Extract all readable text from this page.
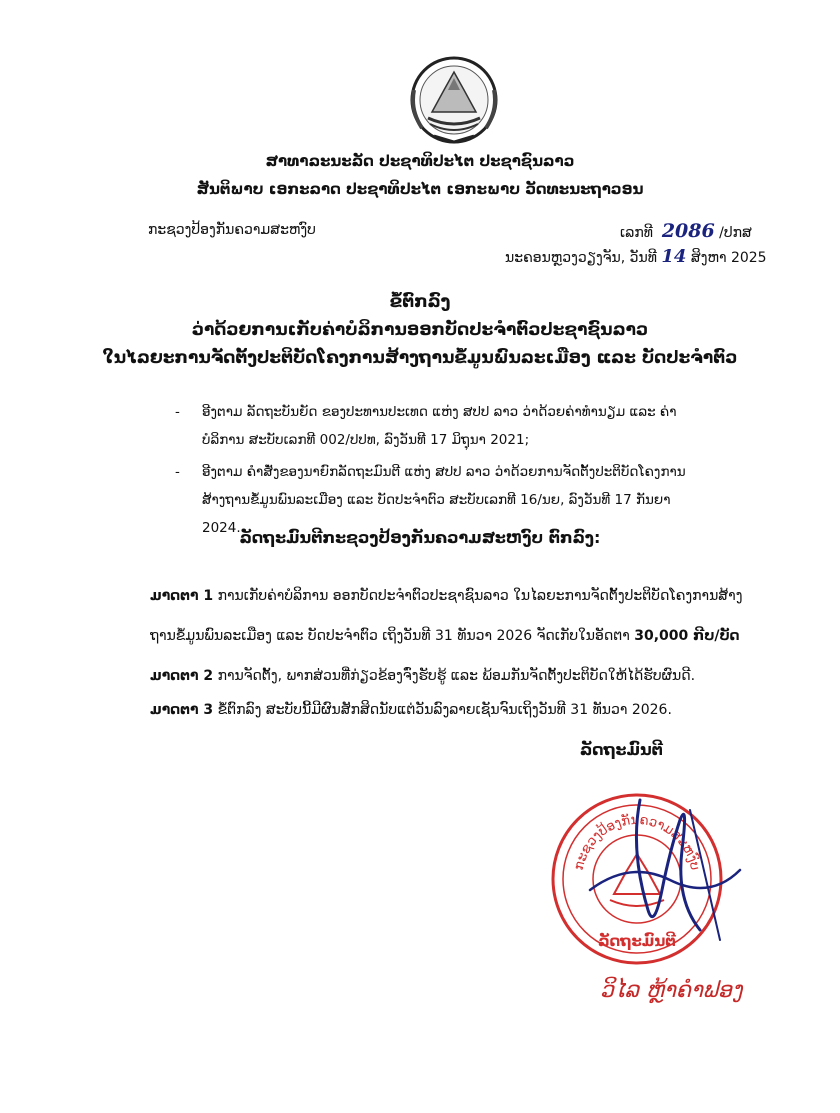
ສາທາລະນະລັດ ປະຊາທິປະໄຕ ປະຊາຊົນລາວ
ສັນຕິພາບ ເອກະລາດ ປະຊາທິປະໄຕ ເອກະພາບ ວັດທະນະຖາວອນ
ກະຊວງປ້ອງກັນຄວາມສະຫງົບ	ເລກທີ 2086 /ປກສ
ນະຄອນຫຼວງວຽງຈັນ, ວັນທີ 14 ສິງຫາ 2025
ຂໍ້ຕົກລົງ
ວ່າດ້ວຍການເກັບຄ່າບໍລິການອອກບັດປະຈຳຕົວປະຊາຊົນລາວ
ໃນໄລຍະການຈັດຕັ້ງປະຕິບັດໂຄງການສ້າງຖານຂໍ້ມູນພົນລະເມືອງ ແລະ ບັດປະຈຳຕົວ
-	ອີງຕາມ ລັດຖະບັນຍັດ ຂອງປະທານປະເທດ ແຫ່ງ ສປປ ລາວ ວ່າດ້ວຍຄ່າທຳນຽມ ແລະ ຄ່າບໍລິການ ສະບັບເລກທີ 002/ປປທ, ລົງວັນທີ 17 ມິຖຸນາ 2021;
-	ອີງຕາມ ຄຳສັ່ງຂອງນາຍົກລັດຖະມົນຕີ ແຫ່ງ ສປປ ລາວ ວ່າດ້ວຍການຈັດຕັ້ງປະຕິບັດໂຄງການສ້າງຖານຂໍ້ມູນພົນລະເມືອງ ແລະ ບັດປະຈຳຕົວ ສະບັບເລກທີ 16/ນຍ, ລົງວັນທີ 17 ກັນຍາ 2024.
ລັດຖະມົນຕີກະຊວງປ້ອງກັນຄວາມສະຫງົບ ຕົກລົງ:
ມາດຕາ 1 ການເກັບຄ່າບໍລິການ ອອກບັດປະຈຳຕົວປະຊາຊົນລາວ ໃນໄລຍະການຈັດຕັ້ງປະຕິບັດໂຄງການສ້າງຖານຂໍ້ມູນພົນລະເມືອງ ແລະ ບັດປະຈຳຕົວ ເຖິງວັນທີ 31 ທັນວາ 2026 ຈັດເກັບໃນອັດຕາ 30,000 ກີບ/ບັດ
ມາດຕາ 2 ການຈັດຕັ້ງ, ພາກສ່ວນທີ່ກ່ຽວຂ້ອງຈົ່ງຮັບຮູ້ ແລະ ພ້ອມກັນຈັດຕັ້ງປະຕິບັດໃຫ້ໄດ້ຮັບຜົນດີ.
ມາດຕາ 3 ຂໍ້ຕົກລົງ ສະບັບນີ້ມີຜົນສັກສິດນັບແຕ່ວັນລົງລາຍເຊັນຈົນເຖິງວັນທີ 31 ທັນວາ 2026.
ລັດຖະມົນຕີ
ກະຊວງປ້ອງກັນຄວາມສະຫງົບ
ລັດຖະມົນຕີ
ວິໄລ ຫຼ້າຄຳຟອງ
